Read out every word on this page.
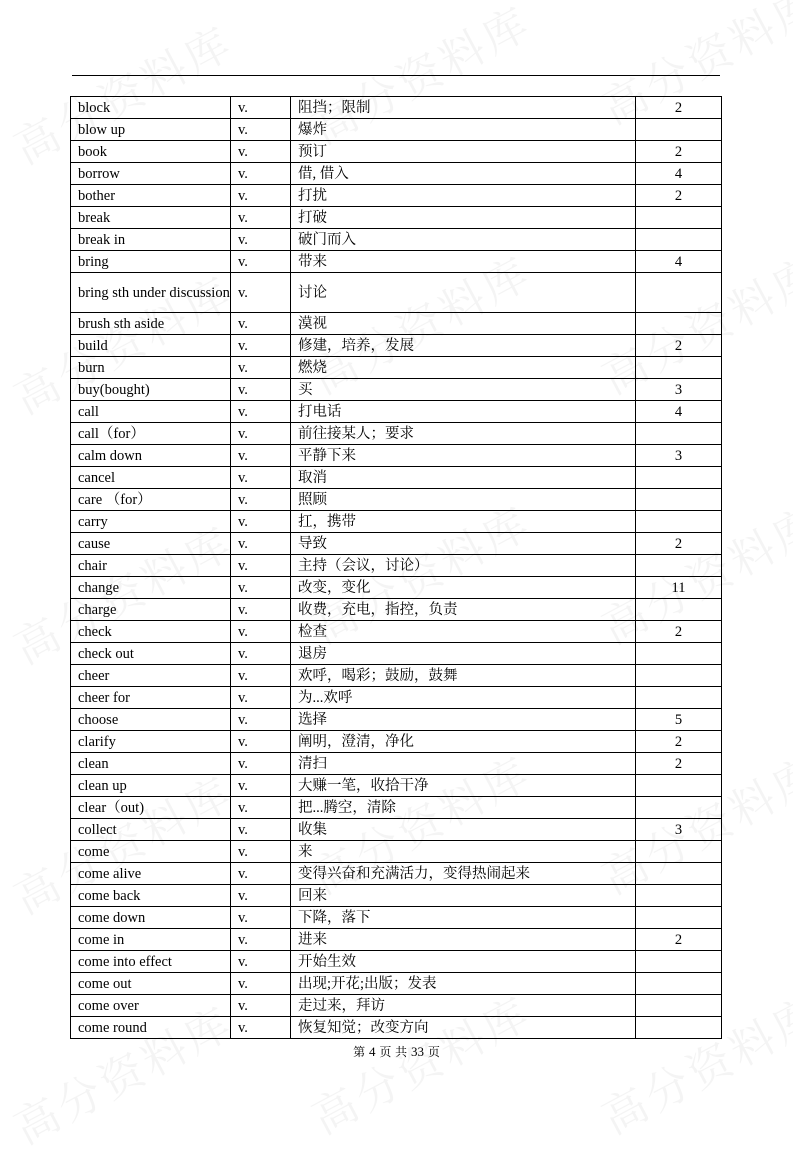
block	v.	阻挡；限制	2
blow up	v.	爆炸	
book	v.	预订	2
borrow	v.	借, 借入	4
bother	v.	打扰	2
break	v.	打破	
break in	v.	破门而入	
bring	v.	带来	4
bring sth under discussion	v.	讨论	
brush sth aside	v.	漠视	
build	v.	修建，培养，发展	2
burn	v.	燃烧	
buy(bought)	v.	买	3
call	v.	打电话	4
call（for）	v.	前往接某人；要求	
calm down	v.	平静下来	3
cancel	v.	取消	
care （for）	v.	照顾	
carry	v.	扛，携带	
cause	v.	导致	2
chair	v.	主持（会议，讨论）	
change	v.	改变，变化	11
charge	v.	收费，充电，指控，负责	
check	v.	检查	2
check out	v.	退房	
cheer	v.	欢呼，喝彩；鼓励，鼓舞	
cheer for	v.	为...欢呼	
choose	v.	选择	5
clarify	v.	阐明，澄清，净化	2
clean	v.	清扫	2
clean up	v.	大赚一笔，收拾干净	
clear（out)	v.	把...腾空，清除	
collect	v.	收集	3
come	v.	来	
come alive	v.	变得兴奋和充满活力，变得热闹起来	
come back	v.	回来	
come down	v.	下降，落下	
come in	v.	进来	2
come into effect	v.	开始生效	
come out	v.	出现;开花;出版；发表	
come over	v.	走过来，拜访	
come round	v.	恢复知觉；改变方向	
第 4 页 共 33 页
